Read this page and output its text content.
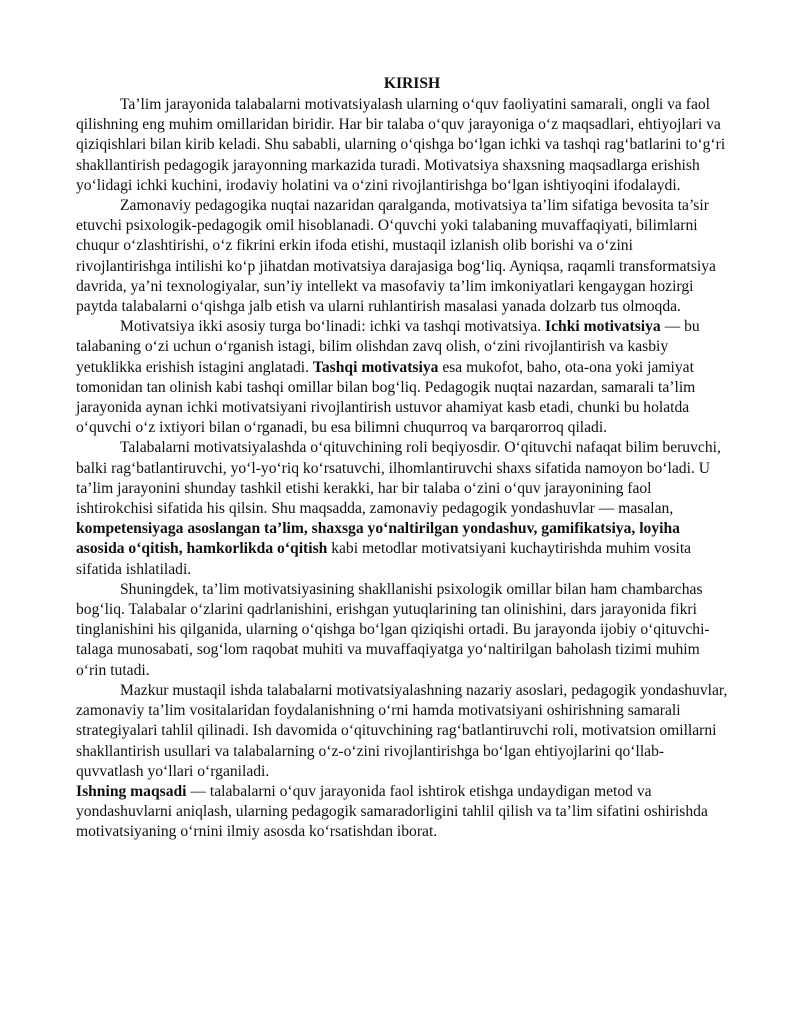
KIRISH

Ta’lim jarayonida talabalarni motivatsiyalash ularning o‘quv faoliyatini samarali, ongli va faol qilishning eng muhim omillaridan biridir. Har bir talaba o‘quv jarayoniga o‘z maqsadlari, ehtiyojlari va qiziqishlari bilan kirib keladi. Shu sababli, ularning o‘qishga bo‘lgan ichki va tashqi rag‘batlarini to‘g‘ri shakllantirish pedagogik jarayonning markazida turadi. Motivatsiya shaxsning maqsadlarga erishish yo‘lidagi ichki kuchini, irodaviy holatini va o‘zini rivojlantirishga bo‘lgan ishtiyoqini ifodalaydi.

Zamonaviy pedagogika nuqtai nazaridan qaralganda, motivatsiya ta’lim sifatiga bevosita ta’sir etuvchi psixologik-pedagogik omil hisoblanadi. O‘quvchi yoki talabaning muvaffaqiyati, bilimlarni chuqur o‘zlashtirishi, o‘z fikrini erkin ifoda etishi, mustaqil izlanish olib borishi va o‘zini rivojlantirishga intilishi ko‘p jihatdan motivatsiya darajasiga bog‘liq. Ayniqsa, raqamli transformatsiya davrida, ya’ni texnologiyalar, sun’iy intellekt va masofaviy ta’lim imkoniyatlari kengaygan hozirgi paytda talabalarni o‘qishga jalb etish va ularni ruhlantirish masalasi yanada dolzarb tus olmoqda.

Motivatsiya ikki asosiy turga bo‘linadi: ichki va tashqi motivatsiya. Ichki motivatsiya — bu talabaning o‘zi uchun o‘rganish istagi, bilim olishdan zavq olish, o‘zini rivojlantirish va kasbiy yetuklikka erishish istagini anglatadi. Tashqi motivatsiya esa mukofot, baho, ota-ona yoki jamiyat tomonidan tan olinish kabi tashqi omillar bilan bog‘liq. Pedagogik nuqtai nazardan, samarali ta’lim jarayonida aynan ichki motivatsiyani rivojlantirish ustuvor ahamiyat kasb etadi, chunki bu holatda o‘quvchi o‘z ixtiyori bilan o‘rganadi, bu esa bilimni chuqurroq va barqarorroq qiladi.

Talabalarni motivatsiyalashda o‘qituvchining roli beqiyosdir. O‘qituvchi nafaqat bilim beruvchi, balki rag‘batlantiruvchi, yo‘l-yo‘riq ko‘rsatuvchi, ilhomlantiruvchi shaxs sifatida namoyon bo‘ladi. U ta’lim jarayonini shunday tashkil etishi kerakki, har bir talaba o‘zini o‘quv jarayonining faol ishtirokchisi sifatida his qilsin. Shu maqsadda, zamonaviy pedagogik yondashuvlar — masalan, kompetensiyaga asoslangan ta’lim, shaxsga yo‘naltirilgan yondashuv, gamifikatsiya, loyiha asosida o‘qitish, hamkorlikda o‘qitish kabi metodlar motivatsiyani kuchaytirishda muhim vosita sifatida ishlatiladi.

Shuningdek, ta’lim motivatsiyasining shakllanishi psixologik omillar bilan ham chambarchas bog‘liq. Talabalar o‘zlarini qadrlanishini, erishgan yutuqlarining tan olinishini, dars jarayonida fikri tinglanishini his qilganida, ularning o‘qishga bo‘lgan qiziqishi ortadi. Bu jarayonda ijobiy o‘qituvchi-talaga munosabati, sog‘lom raqobat muhiti va muvaffaqiyatga yo‘naltirilgan baholash tizimi muhim o‘rin tutadi.

Mazkur mustaqil ishda talabalarni motivatsiyalashning nazariy asoslari, pedagogik yondashuvlar, zamonaviy ta’lim vositalaridan foydalanishning o‘rni hamda motivatsiyani oshirishning samarali strategiyalari tahlil qilinadi. Ish davomida o‘qituvchining rag‘batlantiruvchi roli, motivatsion omillarni shakllantirish usullari va talabalarning o‘z-o‘zini rivojlantirishga bo‘lgan ehtiyojlarini qo‘llab-quvvatlash yo‘llari o‘rganiladi.

Ishning maqsadi — talabalarni o‘quv jarayonida faol ishtirok etishga undaydigan metod va yondashuvlarni aniqlash, ularning pedagogik samaradorligini tahlil qilish va ta’lim sifatini oshirishda motivatsiyaning o‘rnini ilmiy asosda ko‘rsatishdan iborat.
